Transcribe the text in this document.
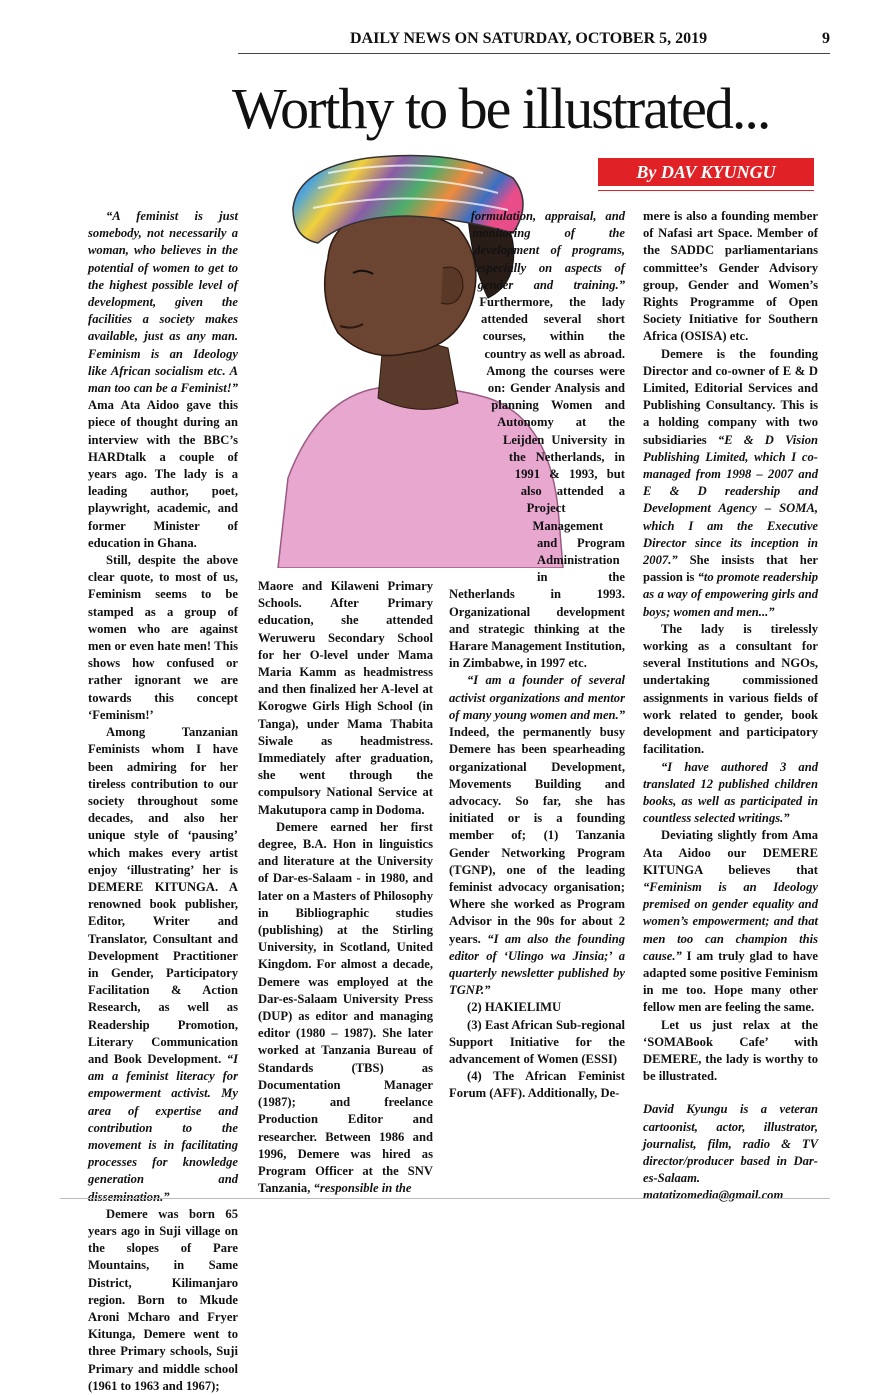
DAILY NEWS ON SATURDAY, OCTOBER 5, 2019	9
Worthy to be illustrated...
By DAV KYUNGU

“A feminist is just somebody, not necessarily a woman, who believes in the potential of women to get to the highest possible level of development, given the facilities a society makes available, just as any man. Feminism is an Ideology like African socialism etc. A man too can be a Feminist!” Ama Ata Aidoo gave this piece of thought during an interview with the BBC’s HARDtalk a couple of years ago. The lady is a leading author, poet, playwright, academic, and former Minister of education in Ghana.

Still, despite the above clear quote, to most of us, Feminism seems to be stamped as a group of women who are against men or even hate men! This shows how confused or rather ignorant we are towards this concept ‘Feminism!’

Among Tanzanian Feminists whom I have been admiring for her tireless contribution to our society throughout some decades, and also her unique style of ‘pausing’ which makes every artist enjoy ‘illustrating’ her is DEMERE KITUNGA. A renowned book publisher, Editor, Writer and Translator, Consultant and Development Practitioner in Gender, Participatory Facilitation & Action Research, as well as Readership Promotion, Literary Communication and Book Development. “I am a feminist literacy for empowerment activist. My area of expertise and contribution to the movement is in facilitating processes for knowledge generation and dissemination.”

Demere was born 65 years ago in Suji village on the slopes of Pare Mountains, in Same District, Kilimanjaro region. Born to Mkude Aroni Mcharo and Fryer Kitunga, Demere went to three Primary schools, Suji Primary and middle school (1961 to 1963 and 1967);

Maore and Kilaweni Primary Schools. After Primary education, she attended Weruweru Secondary School for her O-level under Mama Maria Kamm as headmistress and then finalized her A-level at Korogwe Girls High School (in Tanga), under Mama Thabita Siwale as headmistress. Immediately after graduation, she went through the compulsory National Service at Makutupora camp in Dodoma.

Demere earned her first degree, B.A. Hon in linguistics and literature at the University of Dar-es-Salaam - in 1980, and later on a Masters of Philosophy in Bibliographic studies (publishing) at the Stirling University, in Scotland, United Kingdom. For almost a decade, Demere was employed at the Dar-es-Salaam University Press (DUP) as editor and managing editor (1980 – 1987). She later worked at Tanzania Bureau of Standards (TBS) as Documentation Manager (1987); and freelance Production Editor and researcher. Between 1986 and 1996, Demere was hired as Program Officer at the SNV Tanzania, “responsible in the

formulation, appraisal, and monitoring of the development of programs, especially on aspects of gender and training.” Furthermore, the lady attended several short courses, within the country as well as abroad. Among the courses were on: Gender Analysis and planning Women and Autonomy at the Leijden University in the Netherlands, in 1991 & 1993, but also attended a Project Management and Program Administration in the Netherlands in 1993. Organizational development and strategic thinking at the Harare Management Institution, in Zimbabwe, in 1997 etc.

“I am a founder of several activist organizations and mentor of many young women and men.” Indeed, the permanently busy Demere has been spearheading organizational Development, Movements Building and advocacy. So far, she has initiated or is a founding member of; (1) Tanzania Gender Networking Program (TGNP), one of the leading feminist advocacy organisation; Where she worked as Program Advisor in the 90s for about 2 years. “I am also the founding editor of ‘Ulingo wa Jinsia;’ a quarterly newsletter published by TGNP.”

(2) HAKIELIMU

(3) East African Sub-regional Support Initiative for the advancement of Women (ESSI)

(4) The African Feminist Forum (AFF). Additionally, De-

mere is also a founding member of Nafasi art Space. Member of the SADDC parliamentarians committee’s Gender Advisory group, Gender and Women’s Rights Programme of Open Society Initiative for Southern Africa (OSISA) etc.

Demere is the founding Director and co-owner of E & D Limited, Editorial Services and Publishing Consultancy. This is a holding company with two subsidiaries “E & D Vision Publishing Limited, which I co-managed from 1998 – 2007 and E & D readership and Development Agency – SOMA, which I am the Executive Director since its inception in 2007.” She insists that her passion is “to promote readership as a way of empowering girls and boys; women and men...”

The lady is tirelessly working as a consultant for several Institutions and NGOs, undertaking commissioned assignments in various fields of work related to gender, book development and participatory facilitation.

“I have authored 3 and translated 12 published children books, as well as participated in countless selected writings.”

Deviating slightly from Ama Ata Aidoo our DEMERE KITUNGA believes that “Feminism is an Ideology premised on gender equality and women’s empowerment; and that men too can champion this cause.” I am truly glad to have adapted some positive Feminism in me too. Hope many other fellow men are feeling the same.

Let us just relax at the ‘SOMABook Cafe’ with DEMERE, the lady is worthy to be illustrated.

David Kyungu is a veteran cartoonist, actor, illustrator, journalist, film, radio & TV director/producer based in Dar-es-Salaam. matatizomedia@gmail.com
